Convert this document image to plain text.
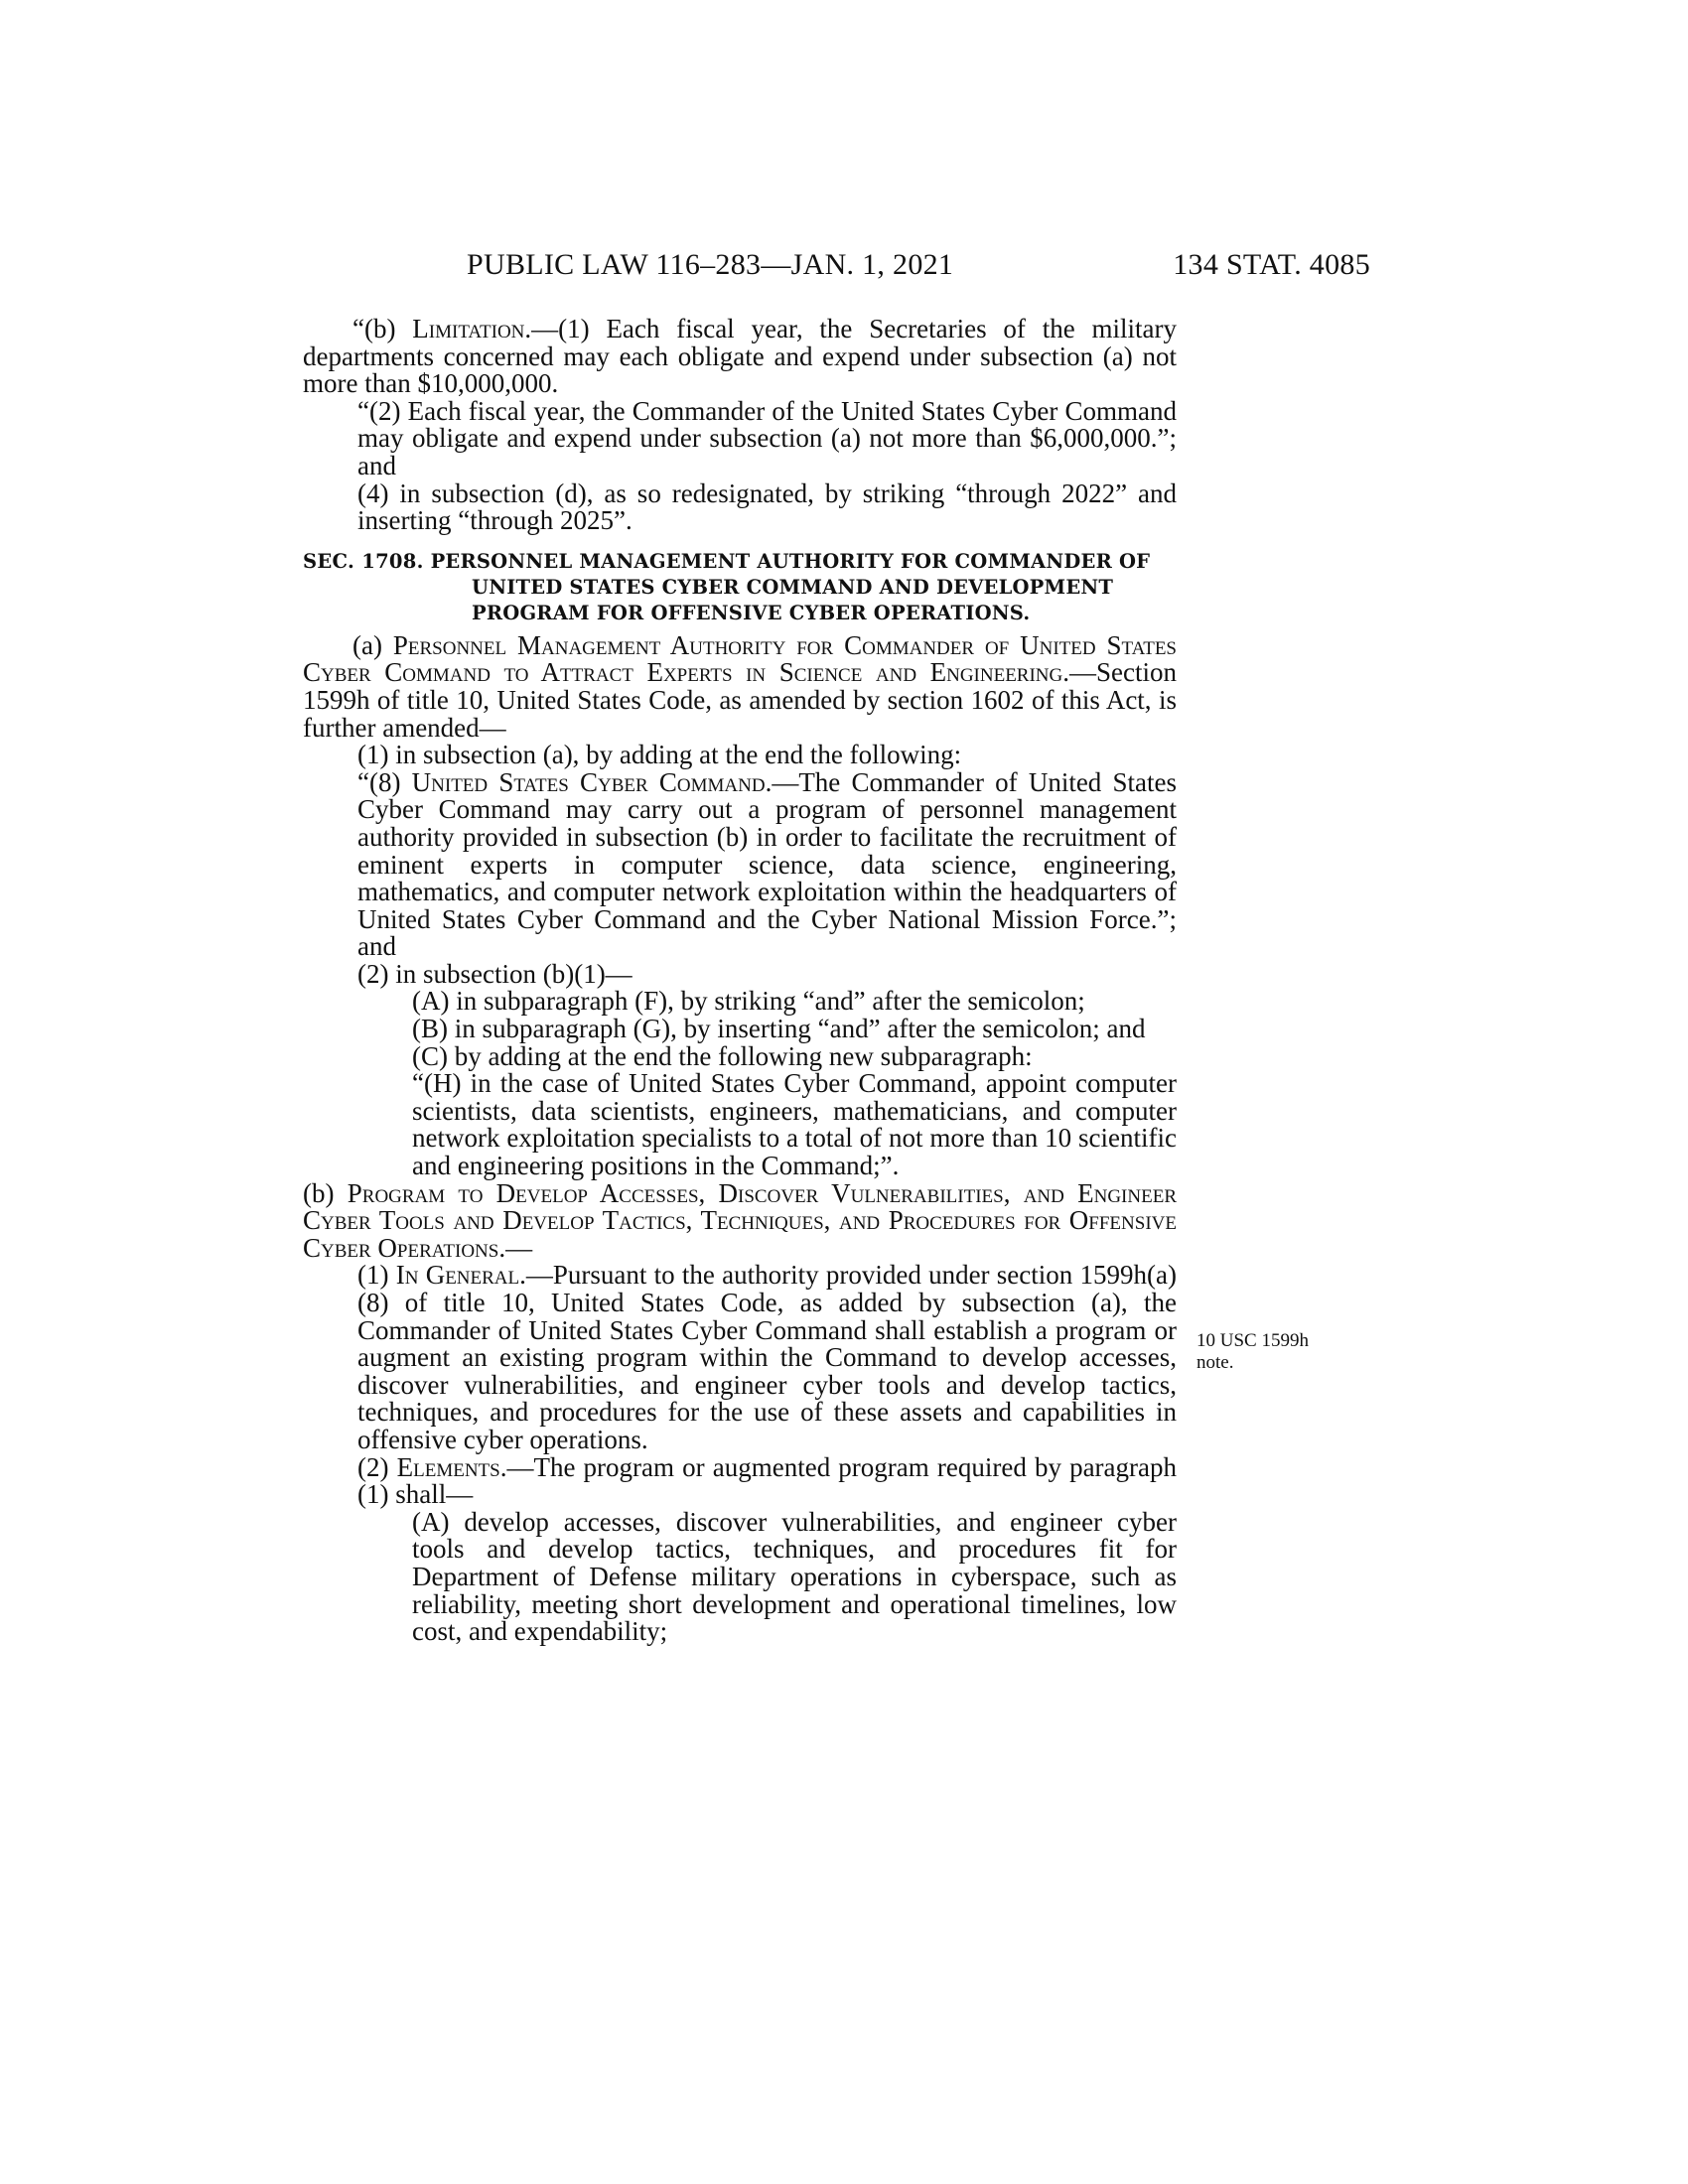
PUBLIC LAW 116–283—JAN. 1, 2021	134 STAT. 4085

“(b) Limitation.—(1) Each fiscal year, the Secretaries of the military departments concerned may each obligate and expend under subsection (a) not more than $10,000,000.

“(2) Each fiscal year, the Commander of the United States Cyber Command may obligate and expend under subsection (a) not more than $6,000,000.”; and

(4) in subsection (d), as so redesignated, by striking “through 2022” and inserting “through 2025”.

SEC. 1708. PERSONNEL MANAGEMENT AUTHORITY FOR COMMANDER OF UNITED STATES CYBER COMMAND AND DEVELOPMENT PROGRAM FOR OFFENSIVE CYBER OPERATIONS.

(a) Personnel Management Authority for Commander of United States Cyber Command to Attract Experts in Science and Engineering.—Section 1599h of title 10, United States Code, as amended by section 1602 of this Act, is further amended—

(1) in subsection (a), by adding at the end the following:

“(8) United States Cyber Command.—The Commander of United States Cyber Command may carry out a program of personnel management authority provided in subsection (b) in order to facilitate the recruitment of eminent experts in computer science, data science, engineering, mathematics, and computer network exploitation within the headquarters of United States Cyber Command and the Cyber National Mission Force.”; and

(2) in subsection (b)(1)—

(A) in subparagraph (F), by striking “and” after the semicolon;

(B) in subparagraph (G), by inserting “and” after the semicolon; and

(C) by adding at the end the following new subparagraph:

“(H) in the case of United States Cyber Command, appoint computer scientists, data scientists, engineers, mathematicians, and computer network exploitation specialists to a total of not more than 10 scientific and engineering positions in the Command;”.

(b) Program to Develop Accesses, Discover Vulnerabilities, and Engineer Cyber Tools and Develop Tactics, Techniques, and Procedures for Offensive Cyber Operations.—

(1) In General.—Pursuant to the authority provided under section 1599h(a)(8) of title 10, United States Code, as added by subsection (a), the Commander of United States Cyber Command shall establish a program or augment an existing program within the Command to develop accesses, discover vulnerabilities, and engineer cyber tools and develop tactics, techniques, and procedures for the use of these assets and capabilities in offensive cyber operations.

(2) Elements.—The program or augmented program required by paragraph (1) shall—

(A) develop accesses, discover vulnerabilities, and engineer cyber tools and develop tactics, techniques, and procedures fit for Department of Defense military operations in cyberspace, such as reliability, meeting short development and operational timelines, low cost, and expendability;

10 USC 1599h
note.
